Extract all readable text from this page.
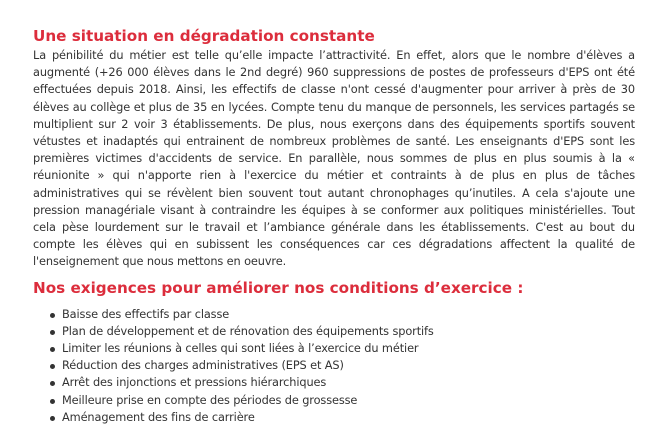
Une situation en dégradation constante

La pénibilité du métier est telle qu’elle impacte l’attractivité. En effet, alors que le nombre d'élèves a augmenté (+26 000 élèves dans le 2nd degré) 960 suppressions de postes de professeurs d'EPS ont été effectuées depuis 2018. Ainsi, les effectifs de classe n'ont cessé d'augmenter pour arriver à près de 30 élèves au collège et plus de 35 en lycées. Compte tenu du manque de personnels, les services partagés se multiplient sur 2 voir 3 établissements. De plus, nous exerçons dans des équipements sportifs souvent vétustes et inadaptés qui entrainent de nombreux problèmes de santé. Les enseignants d'EPS sont les premières victimes d'accidents de service. En parallèle, nous sommes de plus en plus soumis à la « réunionite » qui n'apporte rien à l'exercice du métier et contraints à de plus en plus de tâches administratives qui se révèlent bien souvent tout autant chronophages qu’inutiles. A cela s'ajoute une pression managériale visant à contraindre les équipes à se conformer aux politiques ministérielles. Tout cela pèse lourdement sur le travail et l’ambiance générale dans les établissements. C'est au bout du compte les élèves qui en subissent les conséquences car ces dégradations affectent la qualité de l'enseignement que nous mettons en oeuvre.

Nos exigences pour améliorer nos conditions d’exercice :
Baisse des effectifs par classe
Plan de développement et de rénovation des équipements sportifs
Limiter les réunions à celles qui sont liées à l’exercice du métier
Réduction des charges administratives (EPS et AS)
Arrêt des injonctions et pressions hiérarchiques
Meilleure prise en compte des périodes de grossesse
Aménagement des fins de carrière
